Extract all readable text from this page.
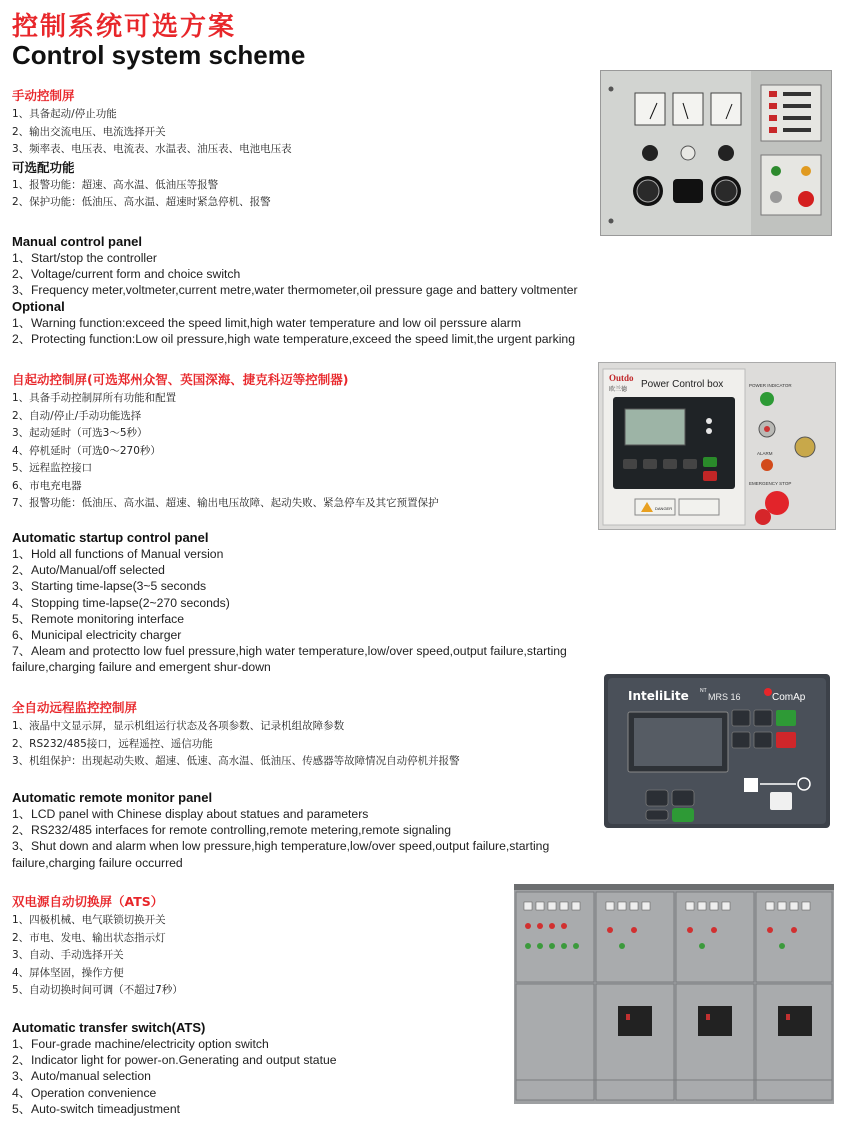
控制系统可选方案
Control system scheme
手动控制屏
1、具备起动/停止功能
2、输出交流电压、电流选择开关
3、频率表、电压表、电流表、水温表、油压表、电池电压表
可选配功能
1、报警功能：超速、高水温、低油压等报警
2、保护功能：低油压、高水温、超速时紧急停机、报警
Manual control panel
1、Start/stop the controller
2、Voltage/current form and choice switch
3、Frequency meter,voltmeter,current metre,water thermometer,oil pressure gage and battery voltmenter
Optional
1、Warning function:exceed the speed limit,high water temperature and low oil perssure alarm
2、Protecting function:Low oil pressure,high wate temperature,exceed the speed limit,the urgent parking
自起动控制屏(可选郑州众智、英国深海、捷克科迈等控制器)
1、具备手动控制屏所有功能和配置
2、自动/停止/手动功能选择
3、起动延时（可选3～5秒）
4、停机延时（可选0～270秒）
5、远程监控接口
6、市电充电器
7、报警功能：低油压、高水温、超速、输出电压故障、起动失败、紧急停车及其它预置保护
Automatic startup control panel
1、Hold all functions of Manual version
2、Auto/Manual/off selected
3、Starting time-lapse(3~5 seconds
4、Stopping time-lapse(2~270 seconds)
5、Remote monitoring interface
6、Municipal electricity charger
7、Aleam and protectto low fuel pressure,high water temperature,low/over speed,output failure,starting failure,charging failure and emergent shur-down
全自动远程监控控制屏
1、液晶中文显示屏，显示机组运行状态及各项参数、记录机组故障参数
2、RS232/485接口，远程遥控、遥信功能
3、机组保护：出现起动失败、超速、低速、高水温、低油压、传感器等故障情况自动停机并报警
Automatic remote monitor panel
1、LCD panel with Chinese display about statues and parameters
2、RS232/485 interfaces for remote controlling,remote metering,remote signaling
3、Shut down and alarm when low pressure,high temperature,low/over speed,output failure,starting failure,charging failure occurred
双电源自动切换屏（ATS）
1、四极机械、电气联锁切换开关
2、市电、发电、输出状态指示灯
3、自动、手动选择开关
4、屏体坚固，操作方便
5、自动切换时间可调（不超过7秒）
Automatic transfer switch(ATS)
1、Four-grade machine/electricity option switch
2、Indicator light for power-on.Generating and output statue
3、Auto/manual selection
4、Operation convenience
5、Auto-switch timeadjustment
Outdo
欧兰德 Power Control box
DANGER
POWER INDICATOR
ALARM
EMERGENCY STOP
InteliLite NT
MRS 16	ComAp
